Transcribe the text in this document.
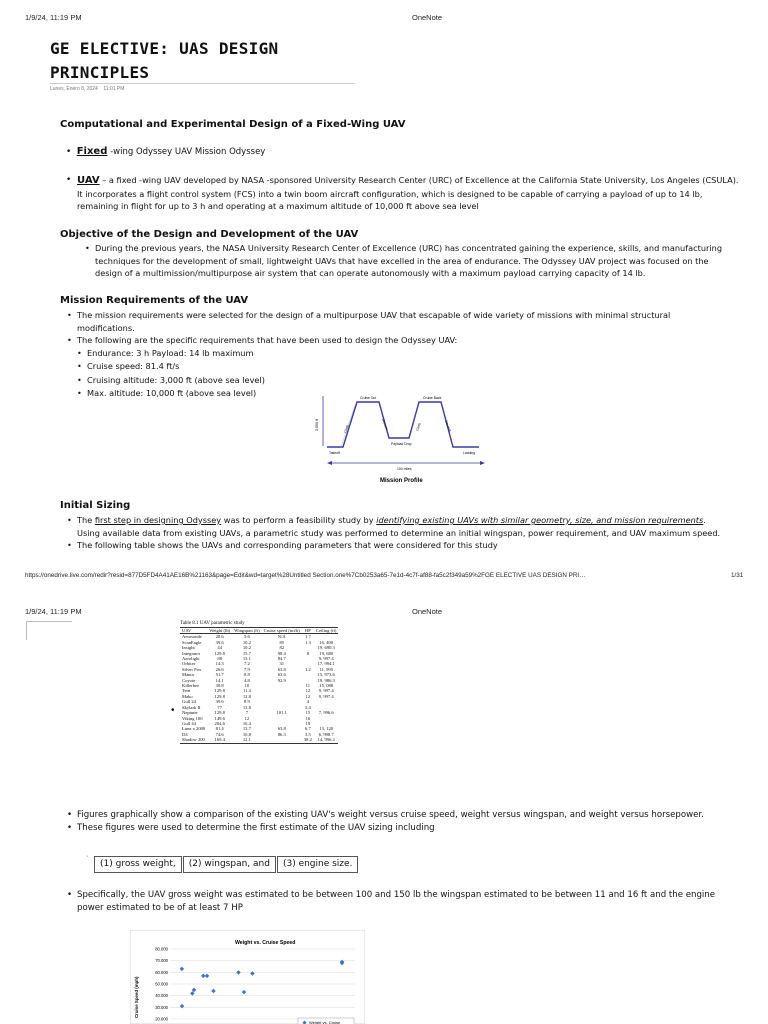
1/9/24, 11:19 PM	OneNote
GE ELECTIVE: UAS DESIGN
PRINCIPLES
Lunes, Enero 8, 2024 11:01 PM
Computational and Experimental Design of a Fixed-Wing UAV
• Fixed -wing Odyssey UAV Mission Odyssey
• UAV – a fixed -wing UAV developed by NASA -sponsored University Research Center (URC) of Excellence at the California State University, Los Angeles (CSULA). It incorporates a flight control system (FCS) into a twin boom aircraft configuration, which is designed to be capable of carrying a payload of up to 14 lb, remaining in flight for up to 3 h and operating at a maximum altitude of 10,000 ft above sea level
Objective of the Design and Development of the UAV
• During the previous years, the NASA University Research Center of Excellence (URC) has concentrated gaining the experience, skills, and manufacturing techniques for the development of small, lightweight UAVs that have excelled in the area of endurance. The Odyssey UAV project was focused on the design of a multimission/multipurpose air system that can operate autonomously with a maximum payload carrying capacity of 14 lb.
Mission Requirements of the UAV
• The mission requirements were selected for the design of a multipurpose UAV that escapable of wide variety of missions with minimal structural modifications.
• The following are the specific requirements that have been used to design the Odyssey UAV:
• Endurance: 3 h Payload: 14 lb maximum
• Cruise speed: 81.4 ft/s
• Cruising altitude: 3,000 ft (above sea level)
• Max. altitude: 10,000 ft (above sea level)
3,000 ft
Cruise Out	Cruise Back
Climb	Descent	Climb	Descent
Payload Drop
Takeoff	Landing
100 miles
Mission Profile
Initial Sizing
• The first step in designing Odyssey was to perform a feasibility study by identifying existing UAVs with similar geometry, size, and mission requirements. Using available data from existing UAVs, a parametric study was performed to determine an initial wingspan, power requirement, and UAV maximum speed.
• The following table shows the UAVs and corresponding parameters that were considered for this study
https://onedrive.live.com/redir?resid=877D5FD4A41AE16B%21163&page=Edit&wd=target%28Untitled Section.one%7Cb0253a65-7e1d-4c7f-af88-fa5c2f349a59%2FGE ELECTIVE UAS DESIGN PRI…	1/31
1/9/24, 11:19 PM	OneNote
•
Table 8.1 UAV parametric study
UAV	Weight (lb)	Wingspan (ft)	Cruise speed (mi/h)	HP	Ceiling (ft)
Aerosonde	28.6	5.6	N/A	1.7	
ScanEagle	39.6	10.2	85	1.3	16, 400
Insight	44	10.2	82		19, 690.3
Integrator	129.8	15.7	98.4	8	19, 680
Aerolight	88	13.1	84.7		9, 997.4
Orbiter	14.3	7.2	31		17, 994.1
Silver Fox	26.6	7.9	63.8	1.2	11, 995
Manta	51.7	8.8	63.6		15, 973.6
Coyote	14.1	4.8	92.9		19, 986.3
Killerbee	30.8	10		11	15, 088
Tern	129.8	11.4		12	9, 997.4
Mako	129.8	12.8		12	9, 997.4
Gull 24	39.6	8.9		4	
Skylark II	77	13.8		5.4	
Neptune	129.8	7	101.1	15	7, 996.6
Viking 100	149.6	12		16	
Gull 44	204.6	16.4		19	
Luna x 2000	81.4	13.7	63.8	6.7	13, 120
D4	74.6	10.8	86.3	3.5	6, 998.7
Shadow 200	169.4	12.1		38.2	14, 996.2
• Figures graphically show a comparison of the existing UAV's weight versus cruise speed, weight versus wingspan, and weight versus horsepower.
• These figures were used to determine the first estimate of the UAV sizing including
·
(1) gross weight, (2) wingspan, and (3) engine size.
• Specifically, the UAV gross weight was estimated to be between 100 and 150 lb the wingspan estimated to be between 11 and 16 ft and the engine power estimated to be of at least 7 HP
Weight vs. Cruise Speed
Cruise Speed (mph)
80.000
70.000
60.000
50.000
40.000
30.000
20.000
Weight vs. Cruise
